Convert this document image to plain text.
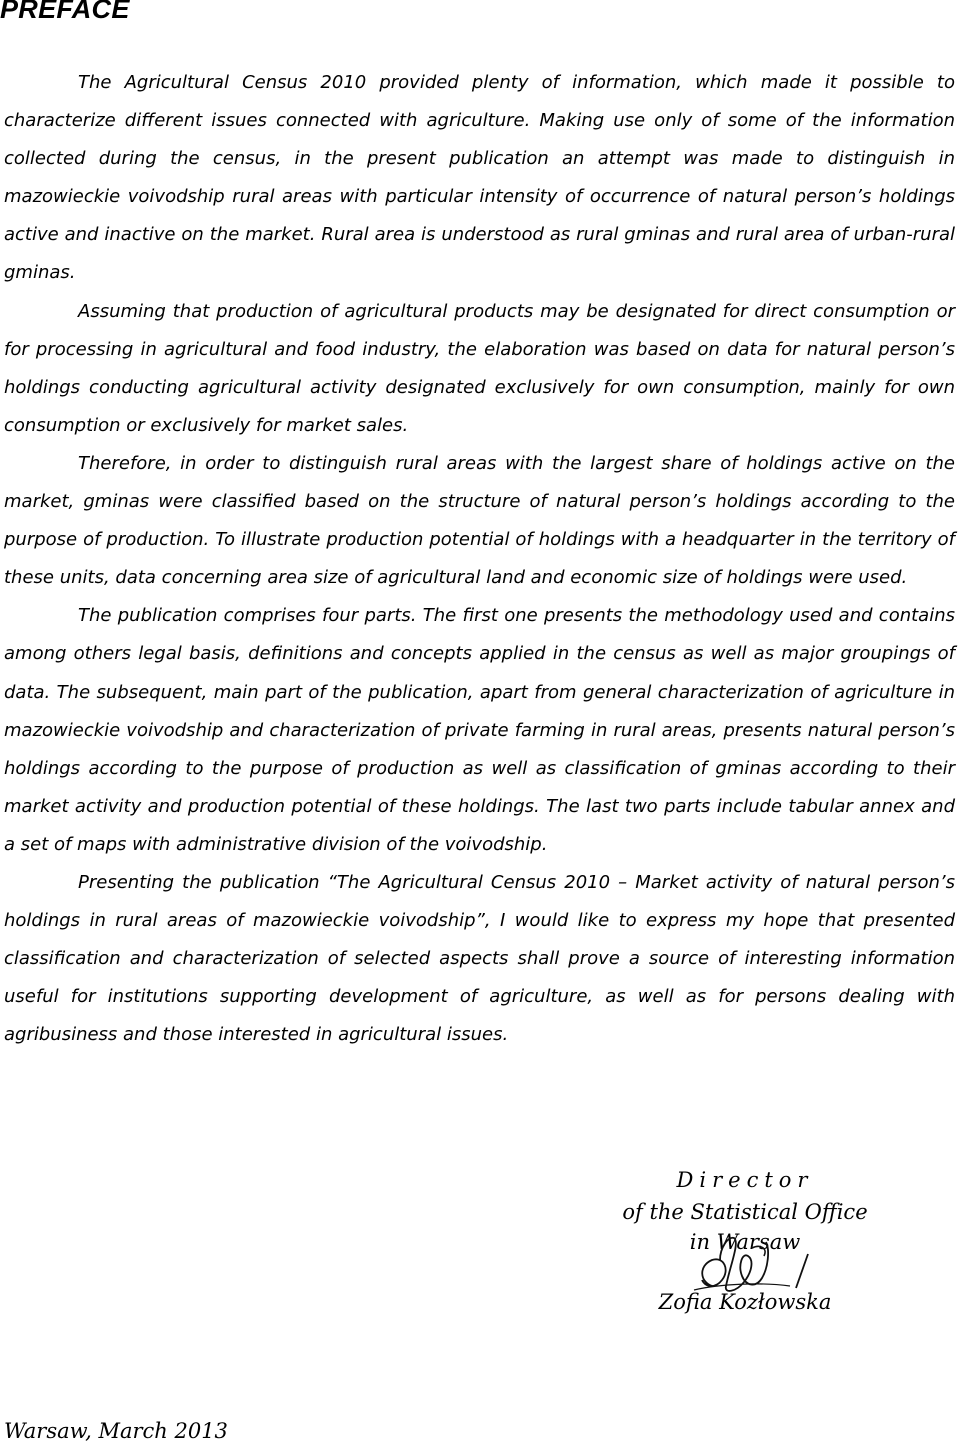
PREFACE

The Agricultural Census 2010 provided plenty of information, which made it possible to characterize different issues connected with agriculture. Making use only of some of the information collected during the census, in the present publication an attempt was made to distinguish in mazowieckie voivodship rural areas with particular intensity of occurrence of natural person’s holdings active and inactive on the market. Rural area is understood as rural gminas and rural area of urban-rural gminas.

Assuming that production of agricultural products may be designated for direct consumption or for processing in agricultural and food industry, the elaboration was based on data for natural person’s holdings conducting agricultural activity designated exclusively for own consumption, mainly for own consumption or exclusively for market sales.

Therefore, in order to distinguish rural areas with the largest share of holdings active on the market, gminas were classified based on the structure of natural person’s holdings according to the purpose of production. To illustrate production potential of holdings with a headquarter in the territory of these units, data concerning area size of agricultural land and economic size of holdings were used.

The publication comprises four parts. The first one presents the methodology used and contains among others legal basis, definitions and concepts applied in the census as well as major groupings of data. The subsequent, main part of the publication, apart from general characterization of agriculture in mazowieckie voivodship and characterization of private farming in rural areas, presents natural person’s holdings according to the purpose of production as well as classification of gminas according to their market activity and production potential of these holdings. The last two parts include tabular annex and a set of maps with administrative division of the voivodship.

Presenting the publication “The Agricultural Census 2010 – Market activity of natural person’s holdings in rural areas of mazowieckie voivodship”, I would like to express my hope that presented classification and characterization of selected aspects shall prove a source of interesting information useful for institutions supporting development of agriculture, as well as for persons dealing with agribusiness and those interested in agricultural issues.

Director
of the Statistical Office
in Warsaw
Zofia Kozłowska
Warsaw, March 2013
